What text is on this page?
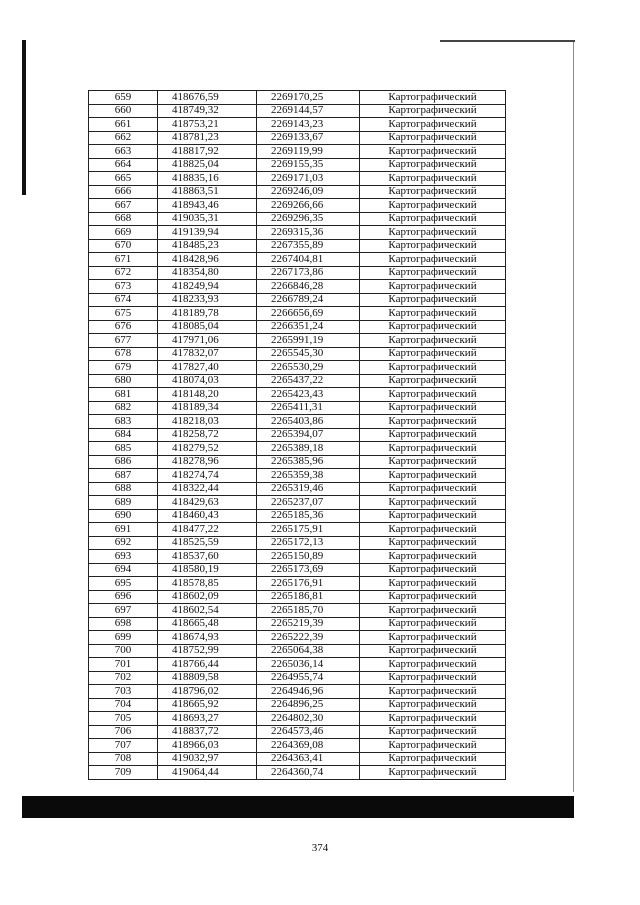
659	418676,59	2269170,25	Картографический
660	418749,32	2269144,57	Картографический
661	418753,21	2269143,23	Картографический
662	418781,23	2269133,67	Картографический
663	418817,92	2269119,99	Картографический
664	418825,04	2269155,35	Картографический
665	418835,16	2269171,03	Картографический
666	418863,51	2269246,09	Картографический
667	418943,46	2269266,66	Картографический
668	419035,31	2269296,35	Картографический
669	419139,94	2269315,36	Картографический
670	418485,23	2267355,89	Картографический
671	418428,96	2267404,81	Картографический
672	418354,80	2267173,86	Картографический
673	418249,94	2266846,28	Картографический
674	418233,93	2266789,24	Картографический
675	418189,78	2266656,69	Картографический
676	418085,04	2266351,24	Картографический
677	417971,06	2265991,19	Картографический
678	417832,07	2265545,30	Картографический
679	417827,40	2265530,29	Картографический
680	418074,03	2265437,22	Картографический
681	418148,20	2265423,43	Картографический
682	418189,34	2265411,31	Картографический
683	418218,03	2265403,86	Картографический
684	418258,72	2265394,07	Картографический
685	418279,52	2265389,18	Картографический
686	418278,96	2265385,96	Картографический
687	418274,74	2265359,38	Картографический
688	418322,44	2265319,46	Картографический
689	418429,63	2265237,07	Картографический
690	418460,43	2265185,36	Картографический
691	418477,22	2265175,91	Картографический
692	418525,59	2265172,13	Картографический
693	418537,60	2265150,89	Картографический
694	418580,19	2265173,69	Картографический
695	418578,85	2265176,91	Картографический
696	418602,09	2265186,81	Картографический
697	418602,54	2265185,70	Картографический
698	418665,48	2265219,39	Картографический
699	418674,93	2265222,39	Картографический
700	418752,99	2265064,38	Картографический
701	418766,44	2265036,14	Картографический
702	418809,58	2264955,74	Картографический
703	418796,02	2264946,96	Картографический
704	418665,92	2264896,25	Картографический
705	418693,27	2264802,30	Картографический
706	418837,72	2264573,46	Картографический
707	418966,03	2264369,08	Картографический
708	419032,97	2264363,41	Картографический
709	419064,44	2264360,74	Картографический
374
